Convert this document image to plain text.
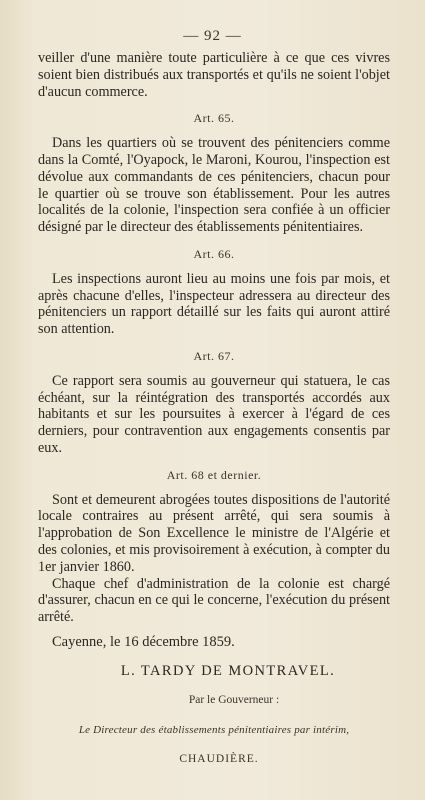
— 92 —

veiller d'une manière toute particulière à ce que ces vivres soient bien distribués aux transportés et qu'ils ne soient l'objet d'aucun commerce.

Art. 65.

Dans les quartiers où se trouvent des pénitenciers comme dans la Comté, l'Oyapock, le Maroni, Kourou, l'inspection est dévolue aux commandants de ces pénitenciers, chacun pour le quartier où se trouve son établissement. Pour les autres localités de la colonie, l'inspection sera confiée à un officier désigné par le directeur des établissements pénitentiaires.

Art. 66.

Les inspections auront lieu au moins une fois par mois, et après chacune d'elles, l'inspecteur adressera au directeur des pénitenciers un rapport détaillé sur les faits qui auront attiré son attention.

Art. 67.

Ce rapport sera soumis au gouverneur qui statuera, le cas échéant, sur la réintégration des transportés accordés aux habitants et sur les poursuites à exercer à l'égard de ces derniers, pour contravention aux engagements consentis par eux.

Art. 68 et dernier.

Sont et demeurent abrogées toutes dispositions de l'autorité locale contraires au présent arrêté, qui sera soumis à l'approbation de Son Excellence le ministre de l'Algérie et des colonies, et mis provisoirement à exécution, à compter du 1er janvier 1860.

Chaque chef d'administration de la colonie est chargé d'assurer, chacun en ce qui le concerne, l'exécution du présent arrêté.

Cayenne, le 16 décembre 1859.
L. TARDY DE MONTRAVEL.
Par le Gouverneur :
Le Directeur des établissements pénitentiaires par intérim,
CHAUDIÈRE.
